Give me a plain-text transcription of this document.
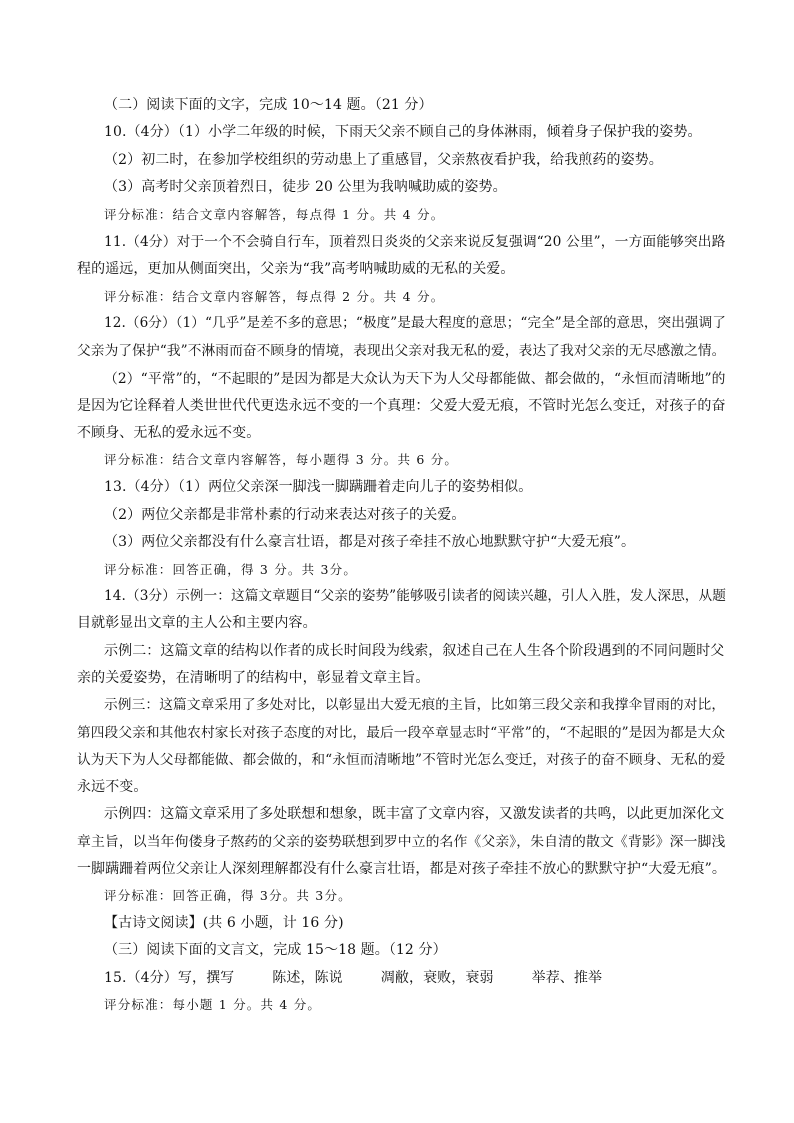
（二）阅读下面的文字，完成 10～14 题。（21 分）
10.（4分）（1）小学二年级的时候，下雨天父亲不顾自己的身体淋雨，倾着身子保护我的姿势。
（2）初二时，在参加学校组织的劳动患上了重感冒，父亲熬夜看护我，给我煎药的姿势。
（3）高考时父亲顶着烈日，徒步 20 公里为我呐喊助威的姿势。
评分标准：结合文章内容解答，每点得 1 分。共 4 分。
11.（4分）对于一个不会骑自行车，顶着烈日炎炎的父亲来说反复强调“20 公里”，一方面能够突出路
程的遥远，更加从侧面突出，父亲为“我”高考呐喊助威的无私的关爱。
评分标准：结合文章内容解答，每点得 2 分。共 4 分。
12.（6分）（1）“几乎”是差不多的意思；“极度”是最大程度的意思；“完全”是全部的意思，突出强调了
父亲为了保护“我”不淋雨而奋不顾身的情境，表现出父亲对我无私的爱，表达了我对父亲的无尽感激之情。
（2）“平常”的，“不起眼的”是因为都是大众认为天下为人父母都能做、都会做的，“永恒而清晰地”的
是因为它诠释着人类世世代代更迭永远不变的一个真理：父爱大爱无痕，不管时光怎么变迁，对孩子的奋
不顾身、无私的爱永远不变。
评分标准：结合文章内容解答，每小题得 3 分。共 6 分。
13.（4分）（1）两位父亲深一脚浅一脚蹒跚着走向儿子的姿势相似。
（2）两位父亲都是非常朴素的行动来表达对孩子的关爱。
（3）两位父亲都没有什么豪言壮语，都是对孩子牵挂不放心地默默守护“大爱无痕”。
评分标准：回答正确，得 3 分。共 3分。
14.（3分）示例一：这篇文章题目“父亲的姿势”能够吸引读者的阅读兴趣，引人入胜，发人深思，从题
目就彰显出文章的主人公和主要内容。
示例二：这篇文章的结构以作者的成长时间段为线索，叙述自己在人生各个阶段遇到的不同问题时父
亲的关爱姿势，在清晰明了的结构中，彰显着文章主旨。
示例三：这篇文章采用了多处对比，以彰显出大爱无痕的主旨，比如第三段父亲和我撑伞冒雨的对比，
第四段父亲和其他农村家长对孩子态度的对比，最后一段卒章显志时“平常”的，“不起眼的”是因为都是大众
认为天下为人父母都能做、都会做的，和“永恒而清晰地”不管时光怎么变迁，对孩子的奋不顾身、无私的爱
永远不变。
示例四：这篇文章采用了多处联想和想象，既丰富了文章内容，又激发读者的共鸣，以此更加深化文
章主旨，以当年佝偻身子熬药的父亲的姿势联想到罗中立的名作《父亲》，朱自清的散文《背影》深一脚浅
一脚蹒跚着两位父亲让人深刻理解都没有什么豪言壮语，都是对孩子牵挂不放心的默默守护“大爱无痕”。
评分标准：回答正确，得 3分。共 3分。
【古诗文阅读】(共 6 小题，计 16 分)
（三）阅读下面的文言文，完成 15～18 题。（12 分）
15.（4分）写，撰写	陈述，陈说	凋敝，衰败，衰弱	举荐、推举
评分标准：每小题 1 分。共 4 分。
